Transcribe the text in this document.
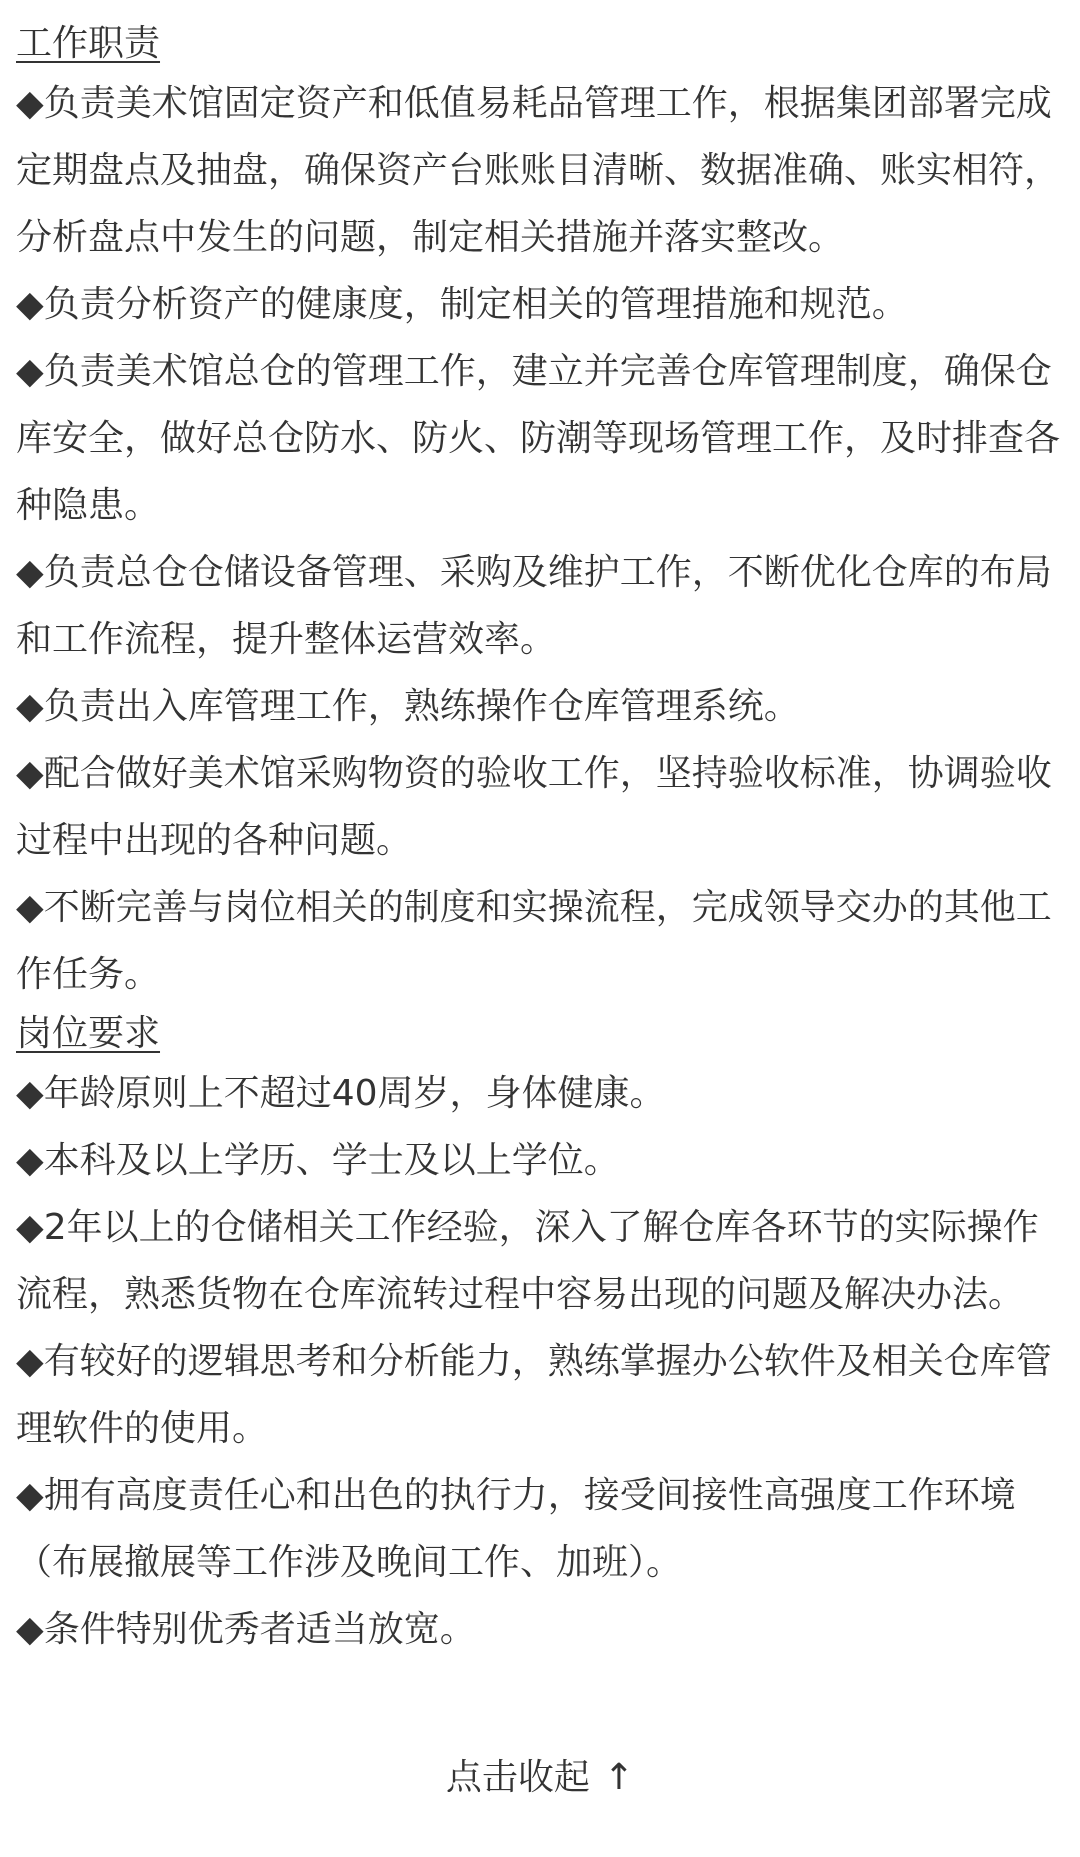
工作职责
◆ 负责美术馆固定资产和低值易耗品管理工作，根据集团部署完成定期盘点及抽盘，确保资产台账账目清晰、数据准确、账实相符，分析盘点中发生的问题，制定相关措施并落实整改。
◆ 负责分析资产的健康度，制定相关的管理措施和规范。
◆ 负责美术馆总仓的管理工作，建立并完善仓库管理制度，确保仓库安全，做好总仓防水、防火、防潮等现场管理工作，及时排查各种隐患。
◆ 负责总仓仓储设备管理、采购及维护工作，不断优化仓库的布局和工作流程，提升整体运营效率。
◆ 负责出入库管理工作，熟练操作仓库管理系统。
◆ 配合做好美术馆采购物资的验收工作，坚持验收标准，协调验收过程中出现的各种问题。
◆ 不断完善与岗位相关的制度和实操流程，完成领导交办的其他工作任务。
岗位要求
◆ 年龄原则上不超过40周岁，身体健康。
◆ 本科及以上学历、学士及以上学位。
◆ 2年以上的仓储相关工作经验，深入了解仓库各环节的实际操作流程，熟悉货物在仓库流转过程中容易出现的问题及解决办法。
◆ 有较好的逻辑思考和分析能力，熟练掌握办公软件及相关仓库管理软件的使用。
◆ 拥有高度责任心和出色的执行力，接受间接性高强度工作环境（布展撤展等工作涉及晚间工作、加班）。
◆ 条件特别优秀者适当放宽。
点击收起 ↑
